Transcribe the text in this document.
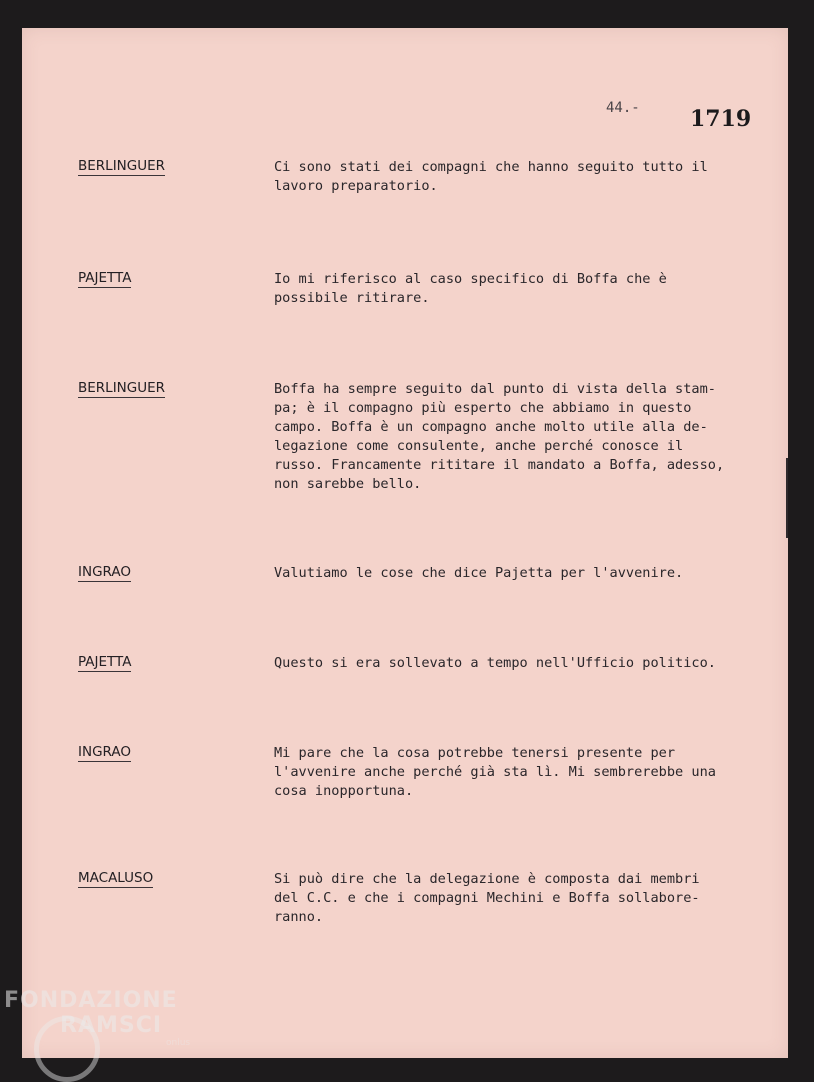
44.- 1719
BERLINGUER	Ci sono stati dei compagni che hanno seguito tutto il
lavoro preparatorio.
PAJETTA	Io mi riferisco al caso specifico di Boffa che è
possibile ritirare.
BERLINGUER	Boffa ha sempre seguito dal punto di vista della stam-
pa; è il compagno più esperto che abbiamo in questo
campo. Boffa è un compagno anche molto utile alla de-
legazione come consulente, anche perché conosce il
russo. Francamente rititare il mandato a Boffa, adesso,
non sarebbe bello.
INGRAO	Valutiamo le cose che dice Pajetta per l'avvenire.
PAJETTA	Questo si era sollevato a tempo nell'Ufficio politico.
INGRAO	Mi pare che la cosa potrebbe tenersi presente per
l'avvenire anche perché già sta lì. Mi sembrerebbe una
cosa inopportuna.
MACALUSO	Si può dire che la delegazione è composta dai membri
del C.C. e che i compagni Mechini e Boffa sollabore-
ranno.
FONDAZIONE
RAMSCI
onlus
